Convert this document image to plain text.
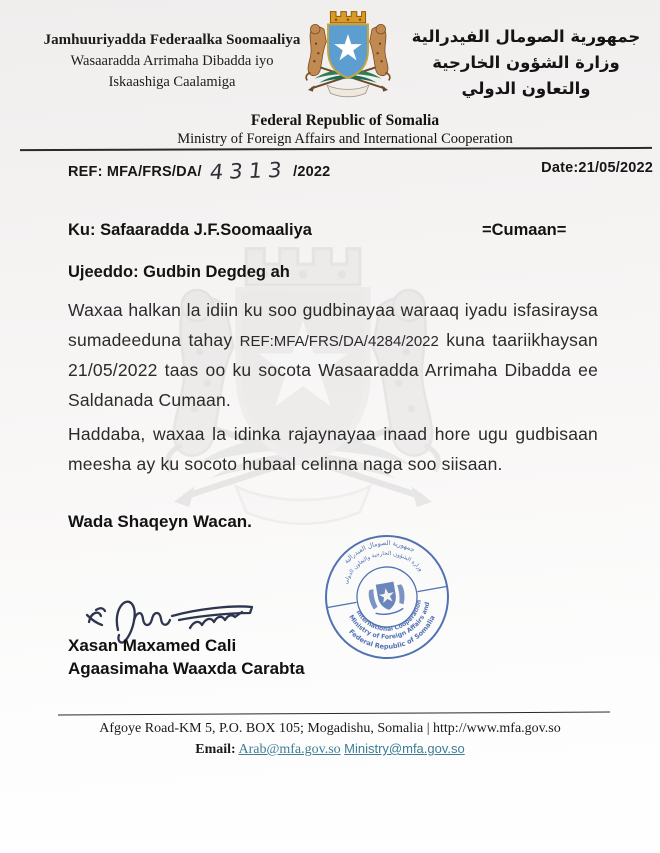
Jamhuuriyadda Federaalka Soomaaliya
Wasaaradda Arrimaha Dibadda iyo
Iskaashiga Caalamiga
جمهورية الصومال الفيدرالية
وزارة الشؤون الخارجية
والتعاون الدولي
Federal Republic of Somalia
Ministry of Foreign Affairs and International Cooperation
REF: MFA/FRS/DA/ 4313 /2022	Date:21/05/2022
Ku: Safaaradda J.F.Soomaaliya	=Cumaan=
Ujeeddo: Gudbin Degdeg ah
Waxaa halkan la idiin ku soo gudbinayaa waraaq iyadu isfasiraysa sumadeeduna tahay REF:MFA/FRS/DA/4284/2022 kuna taariikhaysan 21/05/2022 taas oo ku socota Wasaaradda Arrimaha Dibadda ee Saldanada Cumaan.
Haddaba, waxaa la idinka rajaynayaa inaad hore ugu gudbisaan meesha ay ku socoto hubaal celinna naga soo siisaan.
Wada Shaqeyn Wacan.
جمهورية الصومال الفيدرالية
وزارة الشؤون الخارجية والتعاون الدولي
Federal Republic of Somalia
Ministry of Foreign Affairs and
International Cooperation
Xasan Maxamed Cali
Agaasimaha Waaxda Carabta
Afgoye Road-KM 5, P.O. BOX 105; Mogadishu, Somalia | http://www.mfa.gov.so
Email: Arab@mfa.gov.so Ministry@mfa.gov.so
